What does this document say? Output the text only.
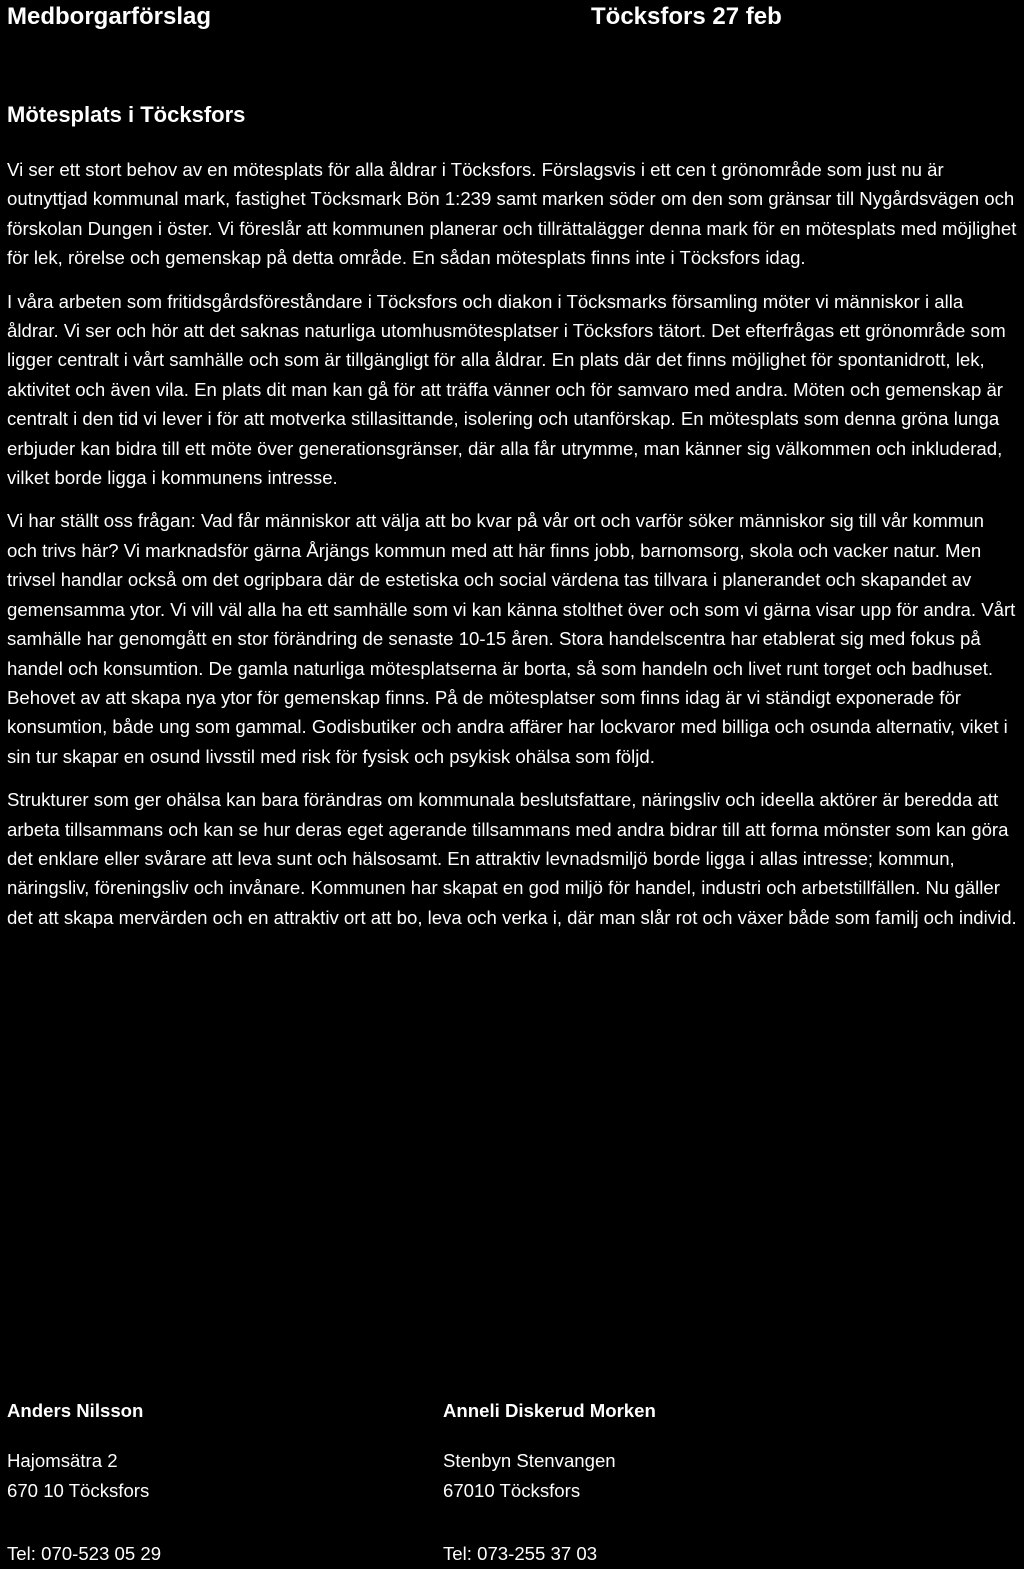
Medborgarförslag	Töcksfors 27 feb
Mötesplats i Töcksfors

Vi ser ett stort behov av en mötesplats för alla åldrar i Töcksfors. Förslagsvis i ett cen t grönområde som just nu är outnyttjad kommunal mark, fastighet Töcksmark Bön 1:239 samt marken söder om den som gränsar till Nygårdsvägen och förskolan Dungen i öster. Vi föreslår att kommunen planerar och tillrättalägger denna mark för en mötesplats med möjlighet för lek, rörelse och gemenskap på detta område. En sådan mötesplats finns inte i Töcksfors idag.

I våra arbeten som fritidsgårdsföreståndare i Töcksfors och diakon i Töcksmarks församling möter vi människor i alla åldrar. Vi ser och hör att det saknas naturliga utomhusmötesplatser i Töcksfors tätort. Det efterfrågas ett grönområde som ligger centralt i vårt samhälle och som är tillgängligt för alla åldrar. En plats där det finns möjlighet för spontanidrott, lek, aktivitet och även vila. En plats dit man kan gå för att träffa vänner och för samvaro med andra. Möten och gemenskap är centralt i den tid vi lever i för att motverka stillasittande, isolering och utanförskap. En mötesplats som denna gröna lunga erbjuder kan bidra till ett möte över generationsgränser, där alla får utrymme, man känner sig välkommen och inkluderad, vilket borde ligga i kommunens intresse.

Vi har ställt oss frågan: Vad får människor att välja att bo kvar på vår ort och varför söker människor sig till vår kommun och trivs här? Vi marknadsför gärna Årjängs kommun med att här finns jobb, barnomsorg, skola och vacker natur. Men trivsel handlar också om det ogripbara där de estetiska och social värdena tas tillvara i planerandet och skapandet av gemensamma ytor. Vi vill väl alla ha ett samhälle som vi kan känna stolthet över och som vi gärna visar upp för andra. Vårt samhälle har genomgått en stor förändring de senaste 10-15 åren. Stora handelscentra har etablerat sig med fokus på handel och konsumtion. De gamla naturliga mötesplatserna är borta, så som handeln och livet runt torget och badhuset. Behovet av att skapa nya ytor för gemenskap finns. På de mötesplatser som finns idag är vi ständigt exponerade för konsumtion, både ung som gammal. Godisbutiker och andra affärer har lockvaror med billiga och osunda alternativ, viket i sin tur skapar en osund livsstil med risk för fysisk och psykisk ohälsa som följd.

Strukturer som ger ohälsa kan bara förändras om kommunala beslutsfattare, näringsliv och ideella aktörer är beredda att arbeta tillsammans och kan se hur deras eget agerande tillsammans med andra bidrar till att forma mönster som kan göra det enklare eller svårare att leva sunt och hälsosamt. En attraktiv levnadsmiljö borde ligga i allas intresse; kommun, näringsliv, föreningsliv och invånare. Kommunen har skapat en god miljö för handel, industri och arbetstillfällen. Nu gäller det att skapa mervärden och en attraktiv ort att bo, leva och verka i, där man slår rot och växer både som familj och individ.

Anders Nilsson
Hajomsätra 2
670 10 Töcksfors
Tel: 070-523 05 29
Anneli Diskerud Morken
Stenbyn Stenvangen
67010 Töcksfors
Tel: 073-255 37 03
